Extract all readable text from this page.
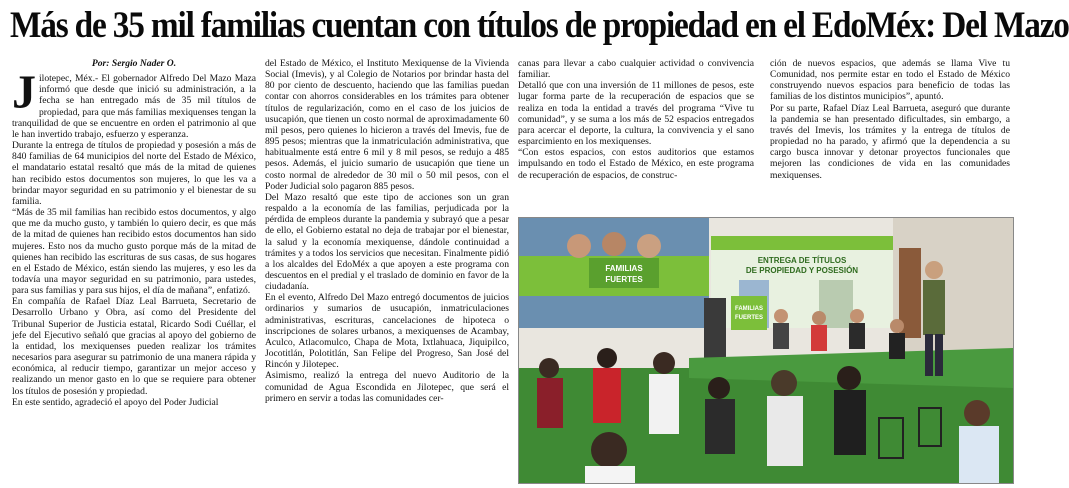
Más de 35 mil familias cuentan con títulos de propiedad en el EdoMéx: Del Mazo

Por: Sergio Nader O.

Jilotepec, Méx.- El gobernador Alfredo Del Mazo Maza informó que desde que inició su administración, a la fecha se han entregado más de 35 mil títulos de propiedad, para que más familias mexiquenses tengan la tranquilidad de que se encuentre en orden el patrimonio al que le han invertido trabajo, esfuerzo y esperanza.

Durante la entrega de títulos de propiedad y posesión a más de 840 familias de 64 municipios del norte del Estado de México, el mandatario estatal resaltó que más de la mitad de quienes han recibido estos documentos son mujeres, lo que les va a brindar mayor seguridad en su patrimonio y el bienestar de su familia.

“Más de 35 mil familias han recibido estos documentos, y algo que me da mucho gusto, y también lo quiero decir, es que más de la mitad de quienes han recibido estos documentos han sido mujeres. Esto nos da mucho gusto porque más de la mitad de quienes han recibido las escrituras de sus casas, de sus hogares en el Estado de México, están siendo las mujeres, y eso les da todavía una mayor seguridad en su patrimonio, para ustedes, para sus familias y para sus hijos, el día de mañana”, enfatizó.

En compañía de Rafael Díaz Leal Barrueta, Secretario de Desarrollo Urbano y Obra, así como del Presidente del Tribunal Superior de Justicia estatal, Ricardo Sodi Cuéllar, el jefe del Ejecutivo señaló que gracias al apoyo del gobierno de la entidad, los mexiquenses pueden realizar los trámites necesarios para asegurar su patrimonio de una manera rápida y económica, al reducir tiempo, garantizar un mejor acceso y realizando un menor gasto en lo que se requiere para obtener los títulos de posesión y propiedad.

En este sentido, agradeció el apoyo del Poder Judicial

del Estado de México, el Instituto Mexiquense de la Vivienda Social (Imevis), y al Colegio de Notarios por brindar hasta del 80 por ciento de descuento, haciendo que las familias puedan contar con ahorros considerables en los trámites para obtener títulos de regularización, como en el caso de los juicios de usucapión, que tienen un costo normal de aproximadamente 60 mil pesos, pero quienes lo hicieron a través del Imevis, fue de 895 pesos; mientras que la inmatriculación administrativa, que habitualmente está entre 6 mil y 8 mil pesos, se redujo a 485 pesos. Además, el juicio sumario de usucapión que tiene un costo normal de alrededor de 30 mil o 50 mil pesos, con el Poder Judicial solo pagaron 885 pesos.

Del Mazo resaltó que este tipo de acciones son un gran respaldo a la economía de las familias, perjudicada por la pérdida de empleos durante la pandemia y subrayó que a pesar de ello, el Gobierno estatal no deja de trabajar por el bienestar, la salud y la economía mexiquense, dándole continuidad a trámites y a todos los servicios que necesitan. Finalmente pidió a los alcaldes del EdoMéx a que apoyen a este programa con descuentos en el predial y el traslado de dominio en favor de la ciudadanía.

En el evento, Alfredo Del Mazo entregó documentos de juicios ordinarios y sumarios de usucapión, inmatriculaciones administrativas, escrituras, cancelaciones de hipoteca o inscripciones de solares urbanos, a mexiquenses de Acambay, Aculco, Atlacomulco, Chapa de Mota, Ixtlahuaca, Jiquipilco, Jocotitlán, Polotitlán, San Felipe del Progreso, San José del Rincón y Jilotepec.

Asimismo, realizó la entrega del nuevo Auditorio de la comunidad de Agua Escondida en Jilotepec, que será el primero en servir a todas las comunidades cer-

canas para llevar a cabo cualquier actividad o convivencia familiar.

Detalló que con una inversión de 11 millones de pesos, este lugar forma parte de la recuperación de espacios que se realiza en toda la entidad a través del programa “Vive tu comunidad”, y se suma a los más de 52 espacios entregados para acercar el deporte, la cultura, la convivencia y el sano esparcimiento en los mexiquenses.

“Con estos espacios, con estos auditorios que estamos impulsando en todo el Estado de México, en este programa de recuperación de espacios, de construc-

ción de nuevos espacios, que además se llama Vive tu Comunidad, nos permite estar en todo el Estado de México construyendo nuevos espacios para beneficio de todas las familias de los distintos municipios”, apuntó.

Por su parte, Rafael Díaz Leal Barrueta, aseguró que durante la pandemia se han presentado dificultades, sin embargo, a través del Imevis, los trámites y la entrega de títulos de propiedad no ha parado, y afirmó que la dependencia a su cargo busca innovar y detonar proyectos funcionales que mejoren las condiciones de vida en las comunidades mexiquenses.

ENTREGA DE TÍTULOS
DE PROPIEDAD Y POSESIÓN
FAMILIAS
FUERTES
FAMILIAS
FUERTES
